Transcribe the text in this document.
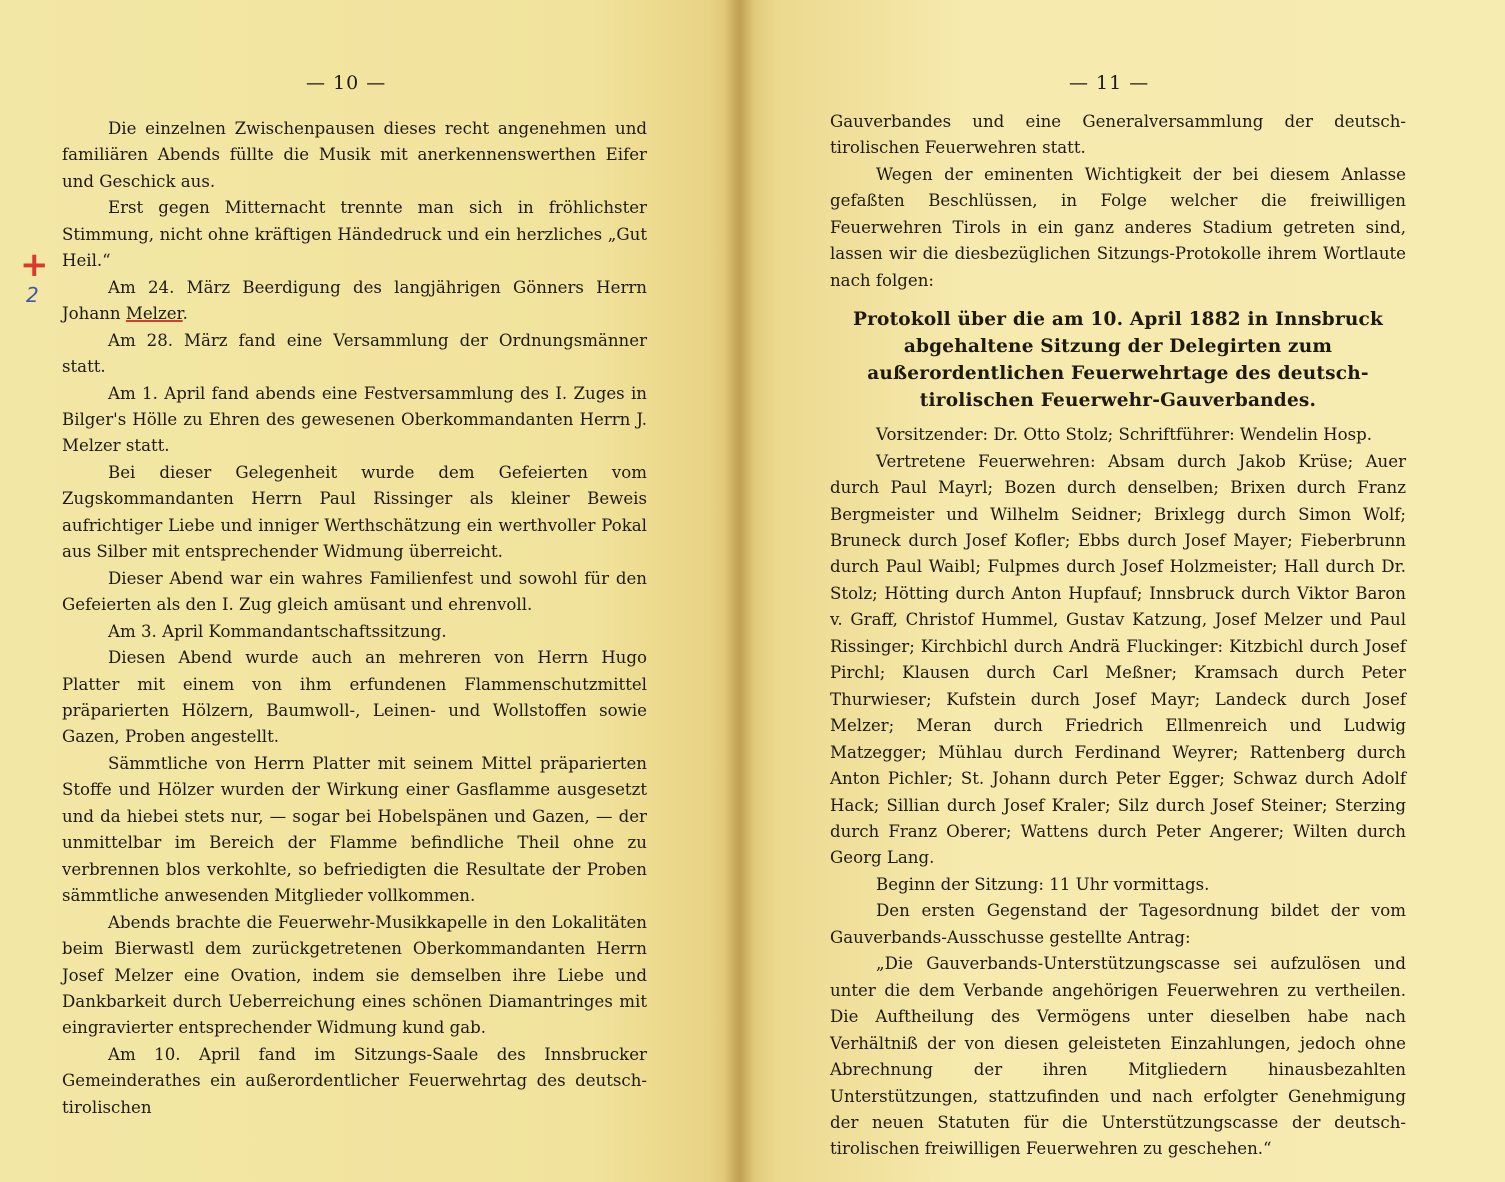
— 10 —
+
2

Die einzelnen Zwischenpausen dieses recht angenehmen und familiären Abends füllte die Musik mit anerkennenswerthen Eifer und Geschick aus.

Erst gegen Mitternacht trennte man sich in fröhlichster Stimmung, nicht ohne kräftigen Händedruck und ein herzliches „Gut Heil.“

Am 24. März Beerdigung des langjährigen Gönners Herrn Johann Melzer.

Am 28. März fand eine Versammlung der Ordnungsmänner statt.

Am 1. April fand abends eine Festversammlung des I. Zuges in Bilger's Hölle zu Ehren des gewesenen Oberkommandanten Herrn J. Melzer statt.

Bei dieser Gelegenheit wurde dem Gefeierten vom Zugskommandanten Herrn Paul Rissinger als kleiner Beweis aufrichtiger Liebe und inniger Werthschätzung ein werthvoller Pokal aus Silber mit entsprechender Widmung überreicht.

Dieser Abend war ein wahres Familienfest und sowohl für den Gefeierten als den I. Zug gleich amüsant und ehrenvoll.

Am 3. April Kommandantschaftssitzung.

Diesen Abend wurde auch an mehreren von Herrn Hugo Platter mit einem von ihm erfundenen Flammenschutzmittel präparierten Hölzern, Baumwoll-, Leinen- und Wollstoffen sowie Gazen, Proben angestellt.

Sämmtliche von Herrn Platter mit seinem Mittel präparierten Stoffe und Hölzer wurden der Wirkung einer Gasflamme ausgesetzt und da hiebei stets nur, — sogar bei Hobelspänen und Gazen, — der unmittelbar im Bereich der Flamme befindliche Theil ohne zu verbrennen blos verkohlte, so befriedigten die Resultate der Proben sämmtliche anwesenden Mitglieder vollkommen.

Abends brachte die Feuerwehr-Musikkapelle in den Lokalitäten beim Bierwastl dem zurückgetretenen Oberkommandanten Herrn Josef Melzer eine Ovation, indem sie demselben ihre Liebe und Dankbarkeit durch Ueberreichung eines schönen Diamantringes mit eingravierter entsprechender Widmung kund gab.

Am 10. April fand im Sitzungs-Saale des Innsbrucker Gemeinderathes ein außerordentlicher Feuerwehrtag des deutsch-tirolischen

— 11 —

Gauverbandes und eine Generalversammlung der deutsch-tirolischen Feuerwehren statt.

Wegen der eminenten Wichtigkeit der bei diesem Anlasse gefaßten Beschlüssen, in Folge welcher die freiwilligen Feuerwehren Tirols in ein ganz anderes Stadium getreten sind, lassen wir die diesbezüglichen Sitzungs-Protokolle ihrem Wortlaute nach folgen:

Protokoll über die am 10. April 1882 in Innsbruck abgehaltene Sitzung der Delegirten zum außerordentlichen Feuerwehrtage des deutsch-tirolischen Feuerwehr-Gauverbandes.

Vorsitzender: Dr. Otto Stolz; Schriftführer: Wendelin Hosp.

Vertretene Feuerwehren: Absam durch Jakob Krüse; Auer durch Paul Mayrl; Bozen durch denselben; Brixen durch Franz Bergmeister und Wilhelm Seidner; Brixlegg durch Simon Wolf; Bruneck durch Josef Kofler; Ebbs durch Josef Mayer; Fieberbrunn durch Paul Waibl; Fulpmes durch Josef Holzmeister; Hall durch Dr. Stolz; Hötting durch Anton Hupfauf; Innsbruck durch Viktor Baron v. Graff, Christof Hummel, Gustav Katzung, Josef Melzer und Paul Rissinger; Kirchbichl durch Andrä Fluckinger: Kitzbichl durch Josef Pirchl; Klausen durch Carl Meßner; Kramsach durch Peter Thurwieser; Kufstein durch Josef Mayr; Landeck durch Josef Melzer; Meran durch Friedrich Ellmenreich und Ludwig Matzegger; Mühlau durch Ferdinand Weyrer; Rattenberg durch Anton Pichler; St. Johann durch Peter Egger; Schwaz durch Adolf Hack; Sillian durch Josef Kraler; Silz durch Josef Steiner; Sterzing durch Franz Oberer; Wattens durch Peter Angerer; Wilten durch Georg Lang.

Beginn der Sitzung: 11 Uhr vormittags.

Den ersten Gegenstand der Tagesordnung bildet der vom Gauverbands-Ausschusse gestellte Antrag:

„Die Gauverbands-Unterstützungscasse sei aufzulösen und unter die dem Verbande angehörigen Feuerwehren zu vertheilen. Die Auftheilung des Vermögens unter dieselben habe nach Verhältniß der von diesen geleisteten Einzahlungen, jedoch ohne Abrechnung der ihren Mitgliedern hinausbezahlten Unterstützungen, stattzufinden und nach erfolgter Genehmigung der neuen Statuten für die Unterstützungscasse der deutsch-tirolischen freiwilligen Feuerwehren zu geschehen.“
